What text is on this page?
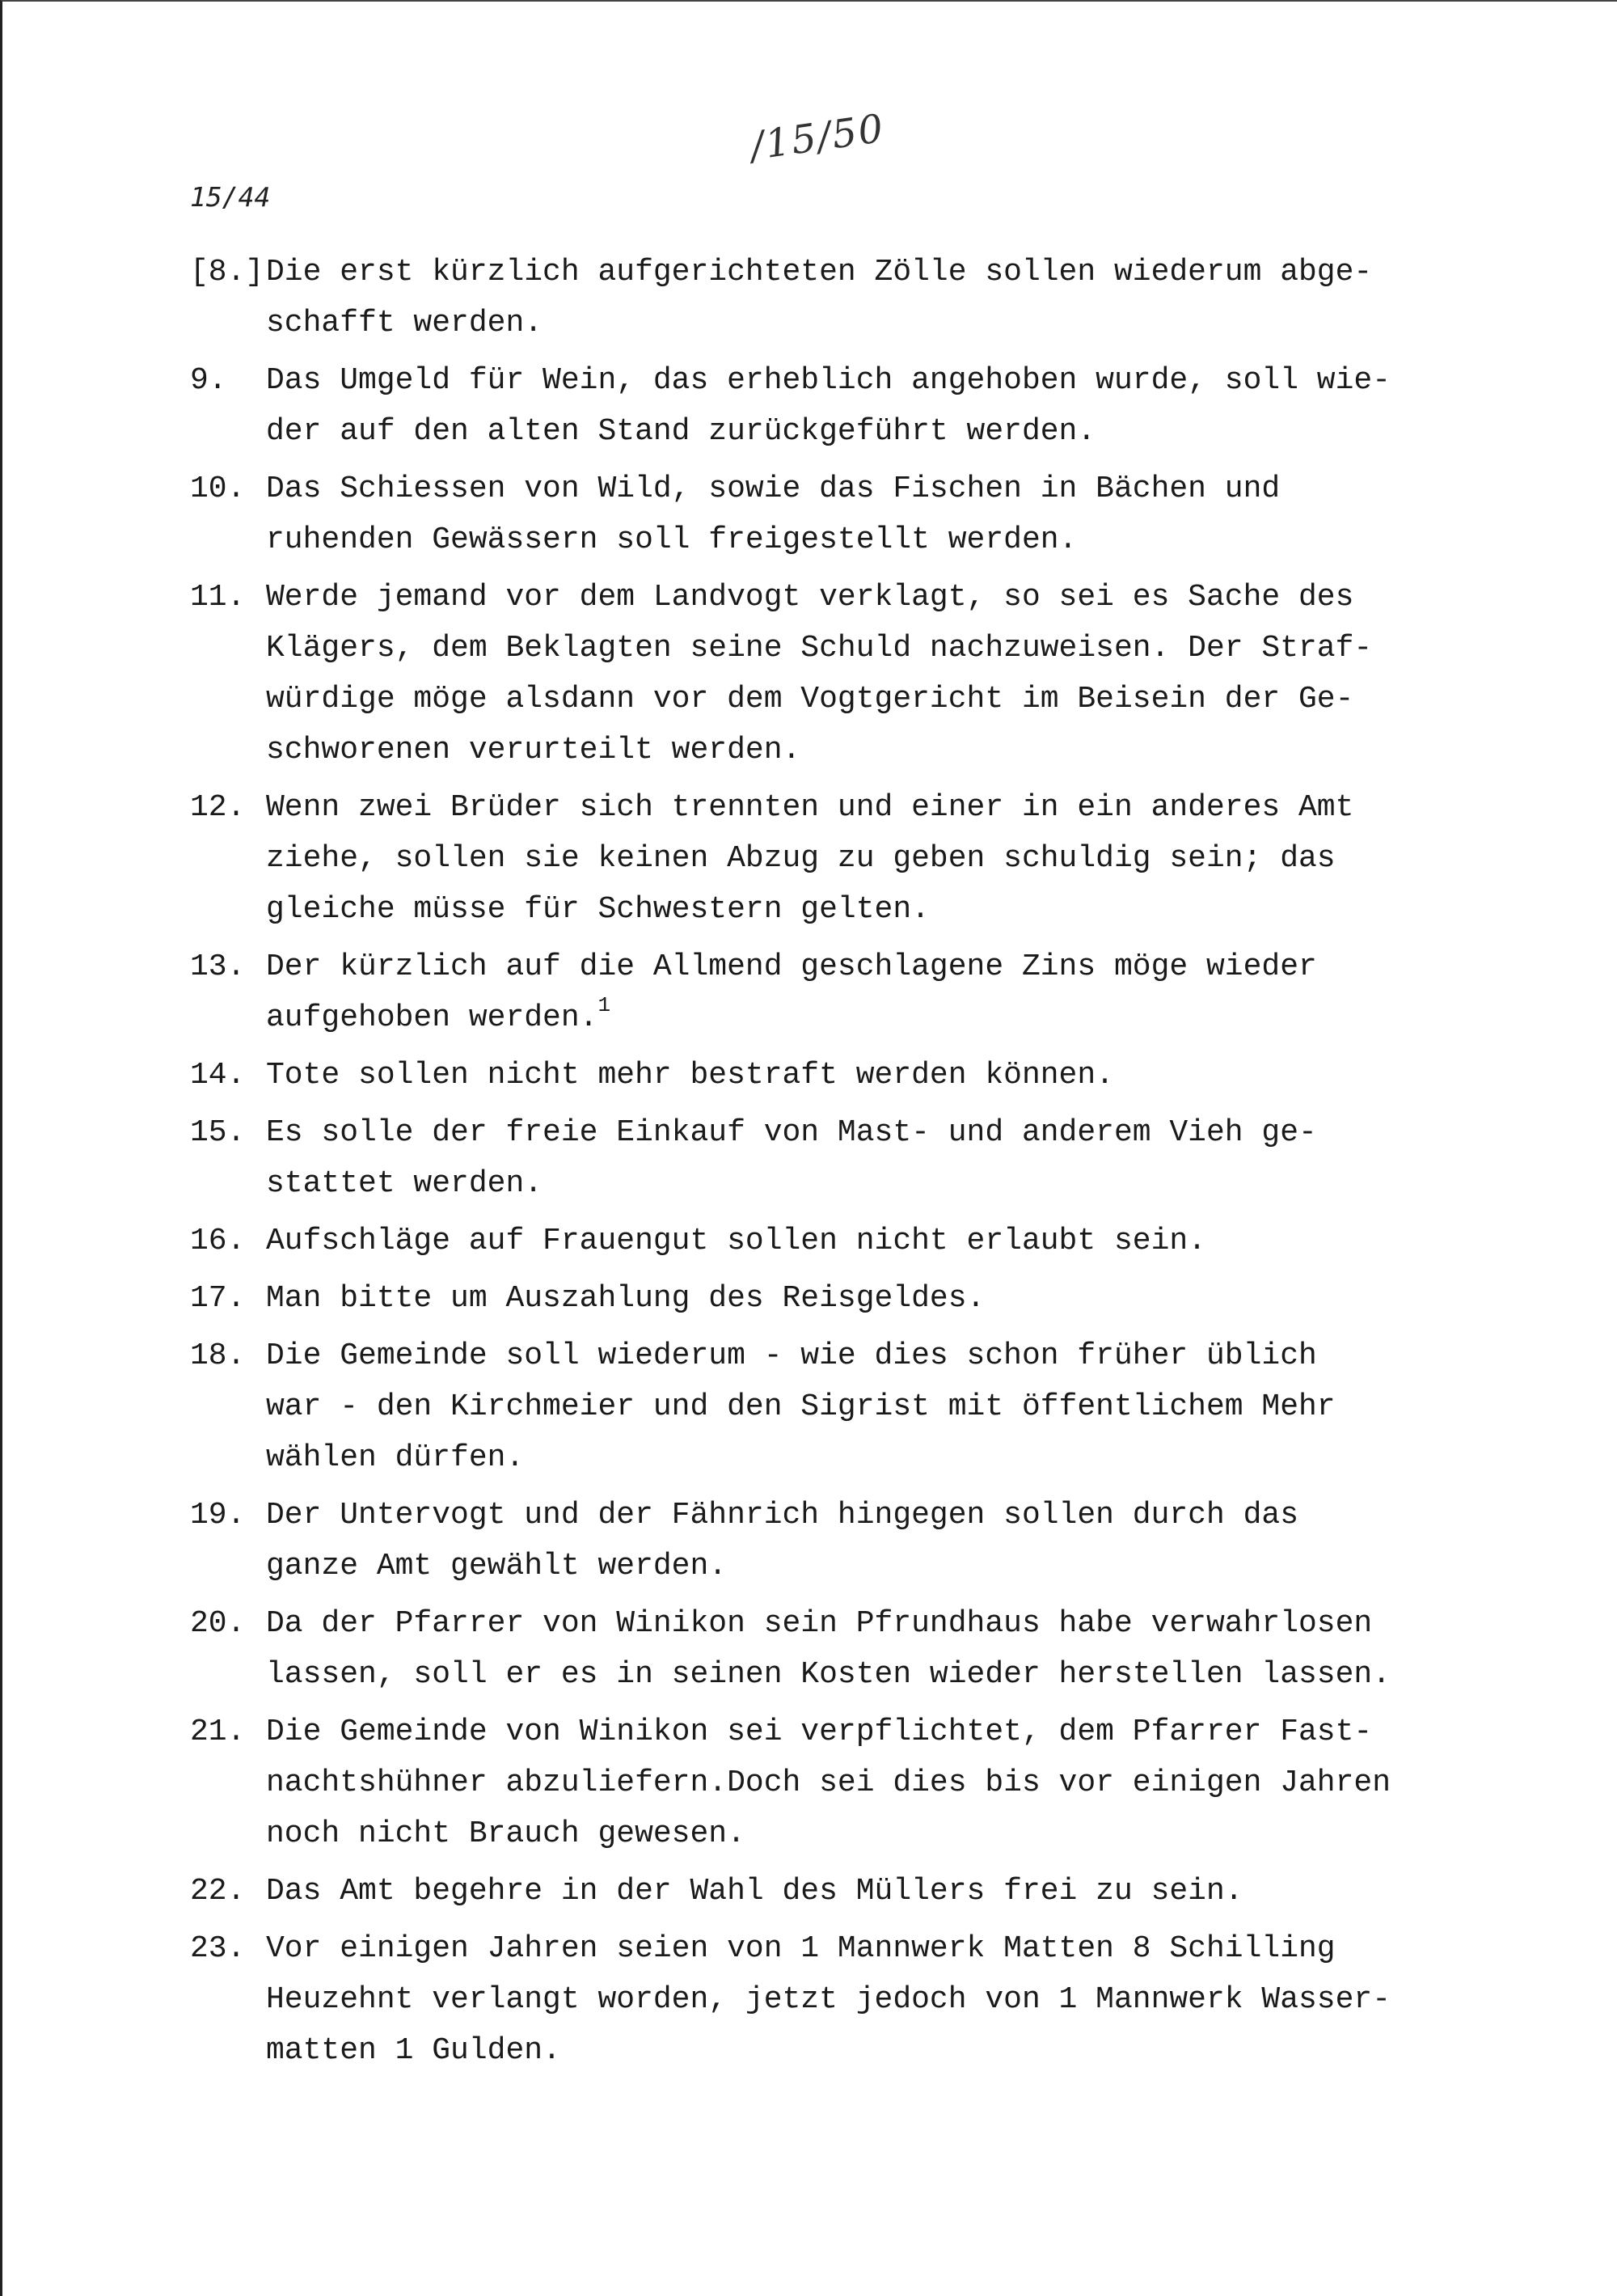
/15/50
15/44
[8.] Die erst kürzlich aufgerichteten Zölle sollen wiederum abge-
schafft werden.
9. Das Umgeld für Wein, das erheblich angehoben wurde, soll wie-
der auf den alten Stand zurückgeführt werden.
10. Das Schiessen von Wild, sowie das Fischen in Bächen und
ruhenden Gewässern soll freigestellt werden.
11. Werde jemand vor dem Landvogt verklagt, so sei es Sache des
Klägers, dem Beklagten seine Schuld nachzuweisen. Der Straf-
würdige möge alsdann vor dem Vogtgericht im Beisein der Ge-
schworenen verurteilt werden.
12. Wenn zwei Brüder sich trennten und einer in ein anderes Amt
ziehe, sollen sie keinen Abzug zu geben schuldig sein; das
gleiche müsse für Schwestern gelten.
13. Der kürzlich auf die Allmend geschlagene Zins möge wieder
aufgehoben werden.$^1$
14. Tote sollen nicht mehr bestraft werden können.
15. Es solle der freie Einkauf von Mast- und anderem Vieh ge-
stattet werden.
16. Aufschläge auf Frauengut sollen nicht erlaubt sein.
17. Man bitte um Auszahlung des Reisgeldes.
18. Die Gemeinde soll wiederum - wie dies schon früher üblich
war - den Kirchmeier und den Sigrist mit öffentlichem Mehr
wählen dürfen.
19. Der Untervogt und der Fähnrich hingegen sollen durch das
ganze Amt gewählt werden.
20. Da der Pfarrer von Winikon sein Pfrundhaus habe verwahrlosen
lassen, soll er es in seinen Kosten wieder herstellen lassen.
21. Die Gemeinde von Winikon sei verpflichtet, dem Pfarrer Fast-
nachtshühner abzuliefern.Doch sei dies bis vor einigen Jahren
noch nicht Brauch gewesen.
22. Das Amt begehre in der Wahl des Müllers frei zu sein.
23. Vor einigen Jahren seien von 1 Mannwerk Matten 8 Schilling
Heuzehnt verlangt worden, jetzt jedoch von 1 Mannwerk Wasser-
matten 1 Gulden.
